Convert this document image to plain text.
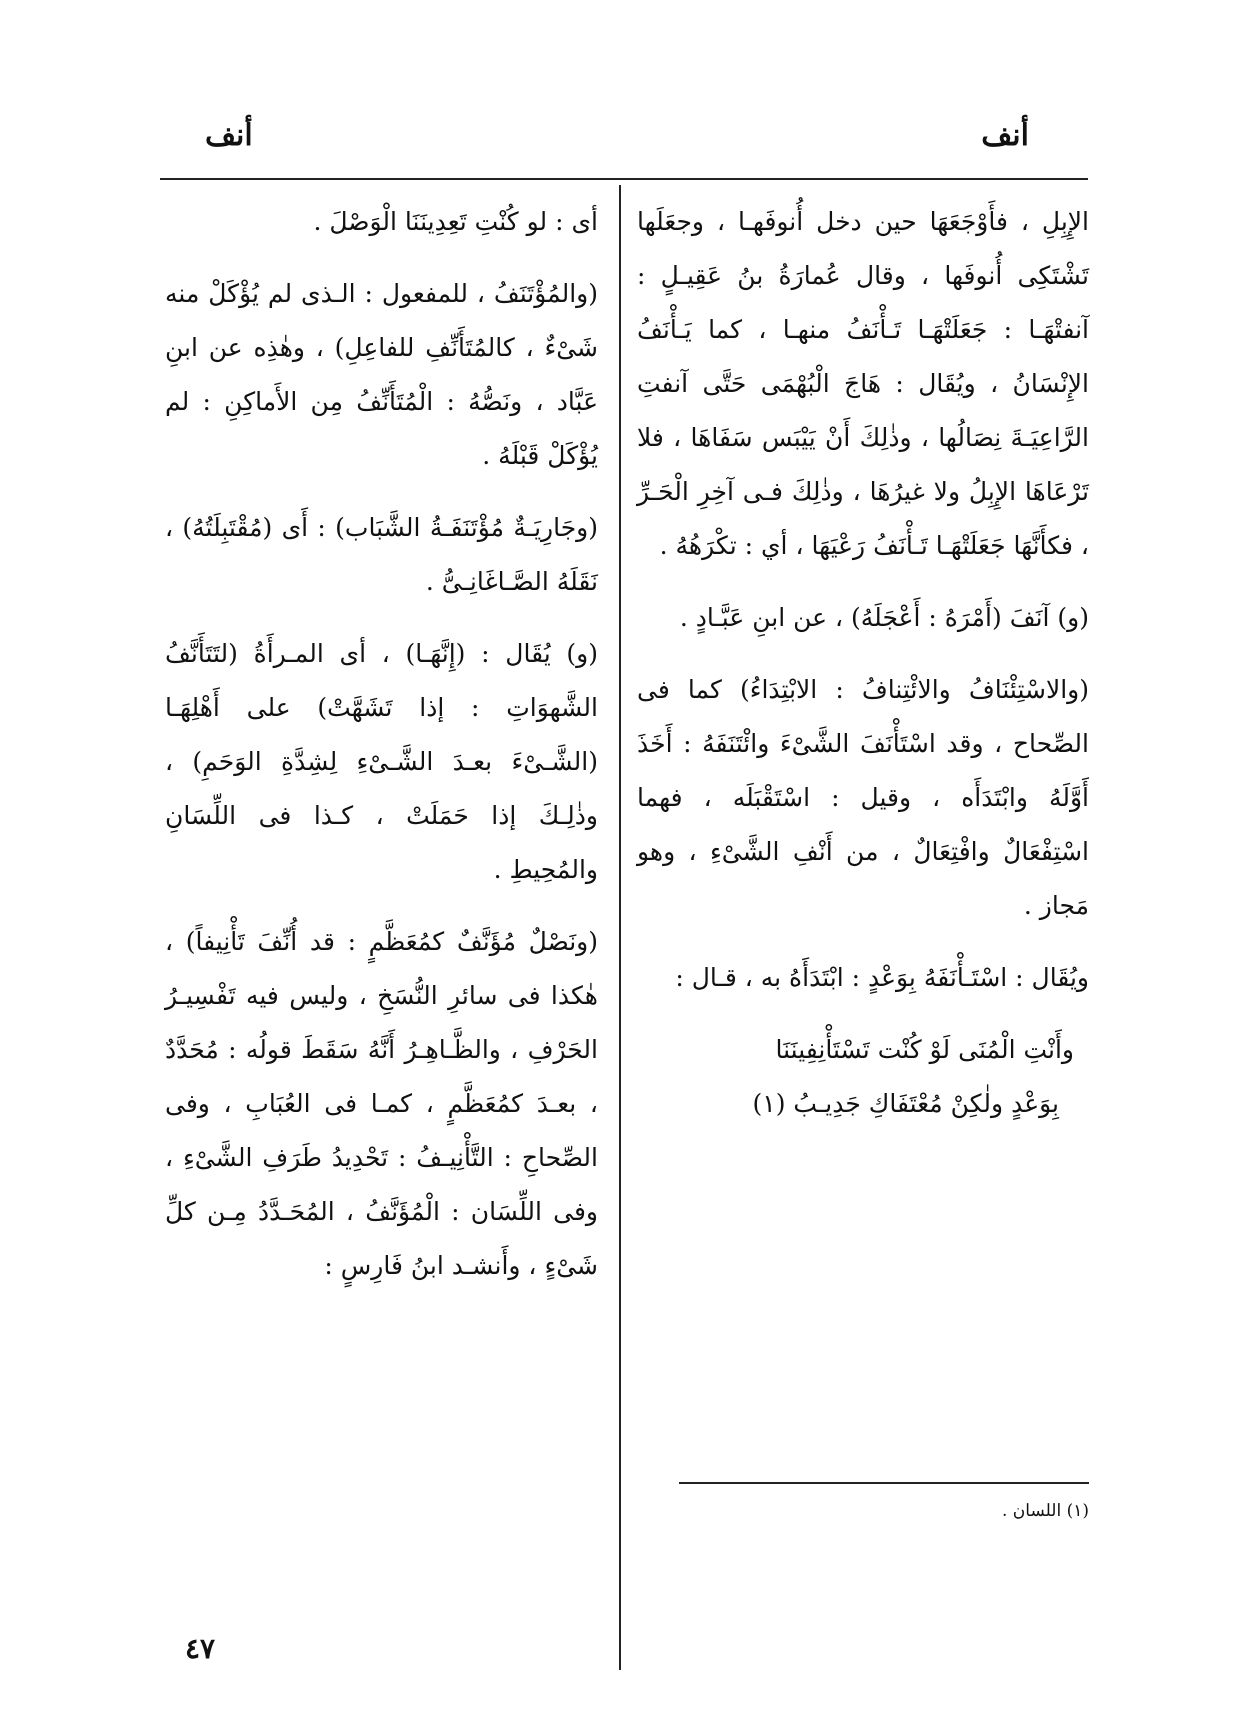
أنف
أنف

الإِبِلِ ، فأَوْجَعَهَا حين دخل أُنوفَهـا ، وجعَلَها تَشْتَكِى أُنوفَها ، وقال عُمارَةُ بنُ عَقِيـلٍ : آنفتْهَـا : جَعَلَتْهَـا تَـأْنَفُ منهـا ، كما يَـأْنَفُ الإِنْسَانُ ، ويُقَال : هَاجَ الْبُهْمَى حَتَّى آنفتِ الرَّاعِيَـةَ نِصَالُها ، وذٰلِكَ أَنْ يَيْبَس سَفَاهَا ، فلا تَرْعَاهَا الإِبِلُ ولا غيرُهَا ، وذٰلِكَ فـى آخِرِ الْحَـرِّ ، فكأَنَّهَا جَعَلَتْهَـا تَـأْنَفُ رَعْيَهَا ، أي : تكْرَهُهُ .

(و) آنَفَ (أَمْرَهُ : أَعْجَلَهُ) ، عن ابنِ عَبَّـادٍ .

(والاسْتِئْنَافُ والائْتِنافُ : الابْتِدَاءُ) كما فى الصِّحاح ، وقد اسْتَأْنَفَ الشَّىْءَ وائْتَنَفَهُ : أَخَذَ أَوَّلَهُ وابْتَدَأَه ، وقيل : اسْتَقْبَلَه ، فهما اسْتِفْعَالٌ وافْتِعَالٌ ، من أَنْفِ الشَّىْءِ ، وهو مَجاز .

ويُقَال : اسْتَـأْنَفَهُ بِوَعْدٍ : ابْتَدَأَهُ به ، قـال :

وأَنْتِ الْمُنَى لَوْ كُنْت تَسْتَأْنِفِينَنَا

بِوَعْدٍ ولٰكِنْ مُعْتَفَاكِ جَدِيـبُ (١)

أى : لو كُنْتِ تَعِدِينَنَا الْوَصْلَ .

(والمُؤْتَنَفُ ، للمفعول : الـذى لم يُؤْكَلْ منه شَىْءٌ ، كالمُتَأَنِّفِ للفاعِلِ) ، وهٰذِه عن ابنِ عَبَّاد ، ونَصُّهُ : الْمُتَأَنِّفُ مِن الأَماكِنِ : لم يُؤْكَلْ قَبْلَهُ .

(وجَارِيَـةٌ مُؤْتَنَفَـةُ الشَّبَاب) : أَى (مُقْتَبِلَتُهُ) ، نَقَلَهُ الصَّـاغَانِـىُّ .

(و) يُقَال : (إِنَّهَـا) ، أى المـرأَةُ (لتَتَأَنَّفُ الشَّهوَاتِ : إذا تَشَهَّتْ) على أَهْلِهَـا (الشَّـىْءَ بعـدَ الشَّـىْءِ لِشِدَّةِ الوَحَمِ) ، وذٰلِـكَ إذا حَمَلَتْ ، كـذا فى اللِّسَانِ والمُحِيطِ .

(ونَصْلٌ مُؤَنَّفٌ كمُعَظَّمٍ : قد أُنِّفَ تَأْنِيفاً) ، هٰكذا فى سائرِ النُّسَخِ ، وليس فيه تَفْسِيـرُ الحَرْفِ ، والظَّـاهِـرُ أَنَّهُ سَقَطَ قولُه : مُحَدَّدٌ ، بعـدَ كمُعَظَّمٍ ، كمـا فى العُبَابِ ، وفى الصِّحاحِ : التَّأْنِيـفُ : تَحْدِيدُ طَرَفِ الشَّىْءِ ، وفى اللِّسَان : الْمُؤَنَّفُ ، المُحَـدَّدُ مِـن كلِّ شَىْءٍ ، وأَنشـد ابنُ فَارِسٍ :

(١) اللسان .
٤٧
